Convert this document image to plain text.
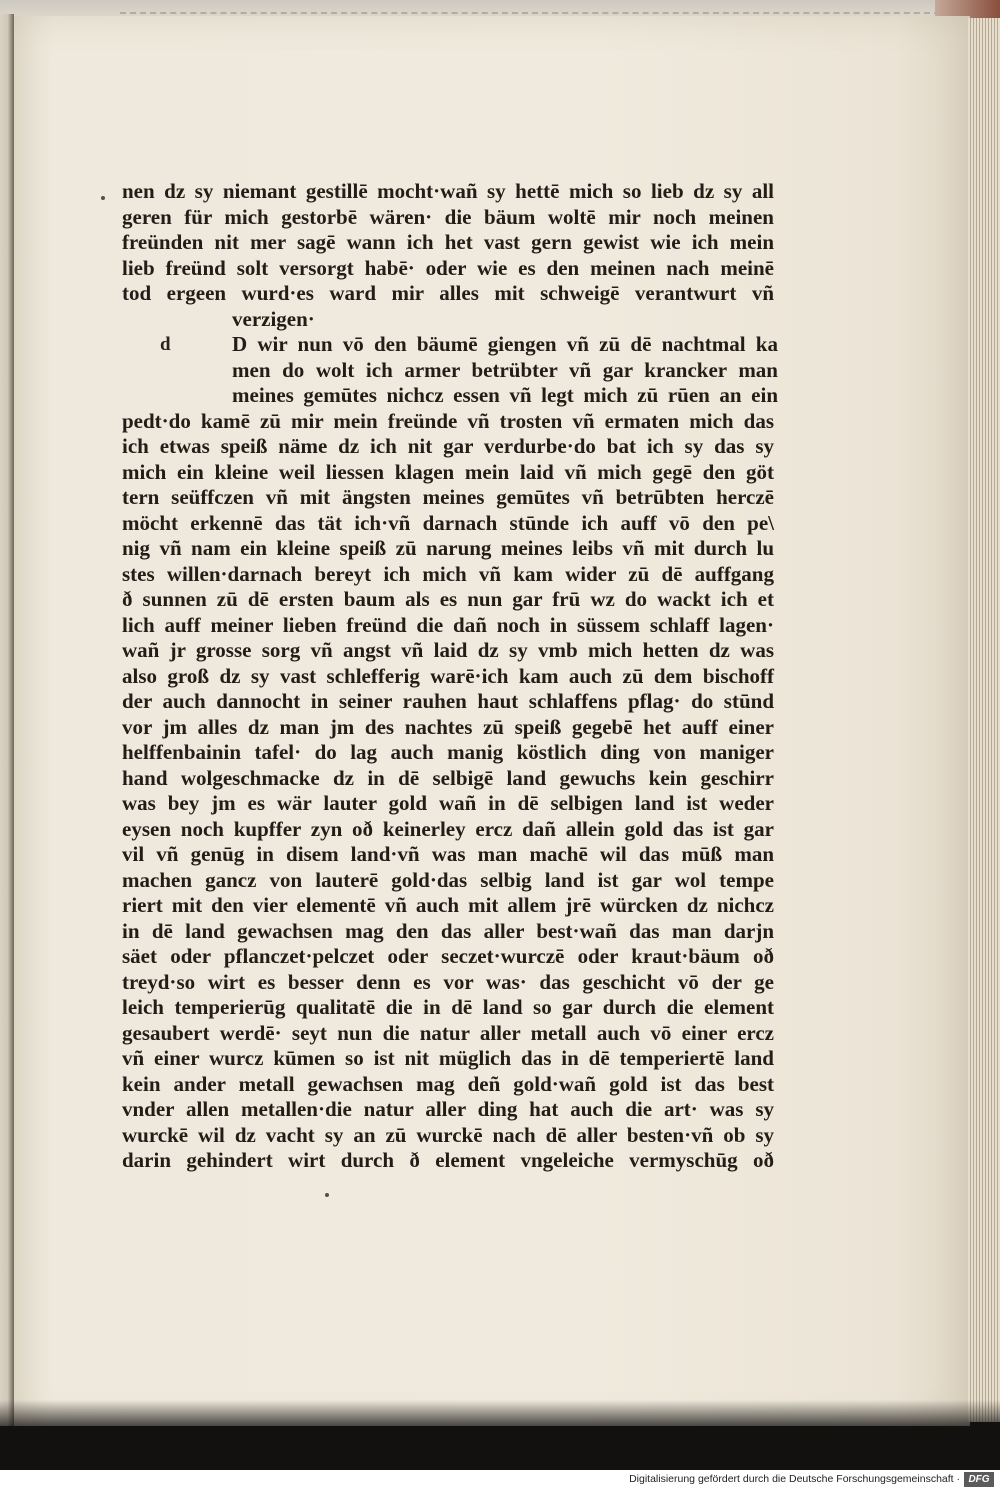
d
nen dz sy niemant gestillē mocht·wañ sy hettē mich so lieb dz sy all
geren für mich gestorbē wären· die bäum woltē mir noch meinen
freünden nit mer sagē wann ich het vast gern gewist wie ich mein
lieb freünd solt versorgt habē· oder wie es den meinen nach meinē
tod ergeen wurd·es ward mir alles mit schweigē verantwurt vñ
verzigen·
D wir nun vō den bäumē giengen vñ zū dē nachtmal ka
men do wolt ich armer betrübter vñ gar krancker man
meines gemūtes nichcz essen vñ legt mich zū rūen an ein
pedt·do kamē zū mir mein freünde vñ trosten vñ ermaten mich das
ich etwas speiß näme dz ich nit gar verdurbe·do bat ich sy das sy
mich ein kleine weil liessen klagen mein laid vñ mich gegē den göt
tern seüffczen vñ mit ängsten meines gemūtes vñ betrūbten herczē
möcht erkennē das tät ich·vñ darnach stūnde ich auff vō den pe\
nig vñ nam ein kleine speiß zū narung meines leibs vñ mit durch lu
stes willen·darnach bereyt ich mich vñ kam wider zū dē auffgang
ð sunnen zū dē ersten baum als es nun gar frū wz do wackt ich et
lich auff meiner lieben freünd die dañ noch in süssem schlaff lagen·
wañ jr grosse sorg vñ angst vñ laid dz sy vmb mich hetten dz was
also groß dz sy vast schlefferig warē·ich kam auch zū dem bischoff
der auch dannocht in seiner rauhen haut schlaffens pflag· do stūnd
vor jm alles dz man jm des nachtes zū speiß gegebē het auff einer
helffenbainin tafel· do lag auch manig köstlich ding von maniger
hand wolgeschmacke dz in dē selbigē land gewuchs kein geschirr
was bey jm es wär lauter gold wañ in dē selbigen land ist weder
eysen noch kupffer zyn oð keinerley ercz dañ allein gold das ist gar
vil vñ genūg in disem land·vñ was man machē wil das mūß man
machen gancz von lauterē gold·das selbig land ist gar wol tempe
riert mit den vier elementē vñ auch mit allem jrē würcken dz nichcz
in dē land gewachsen mag den das aller best·wañ das man darjn
säet oder pflanczet·pelczet oder seczet·wurczē oder kraut·bäum oð
treyd·so wirt es besser denn es vor was· das geschicht vō der ge
leich temperierūg qualitatē die in dē land so gar durch die element
gesaubert werdē· seyt nun die natur aller metall auch vō einer ercz
vñ einer wurcz kūmen so ist nit müglich das in dē temperiertē land
kein ander metall gewachsen mag deñ gold·wañ gold ist das best
vnder allen metallen·die natur aller ding hat auch die art· was sy
wurckē wil dz vacht sy an zū wurckē nach dē aller besten·vñ ob sy
darin gehindert wirt durch ð element vngeleiche vermyschūg oð
Digitalisierung gefördert durch die Deutsche Forschungsgemeinschaft · DFG
